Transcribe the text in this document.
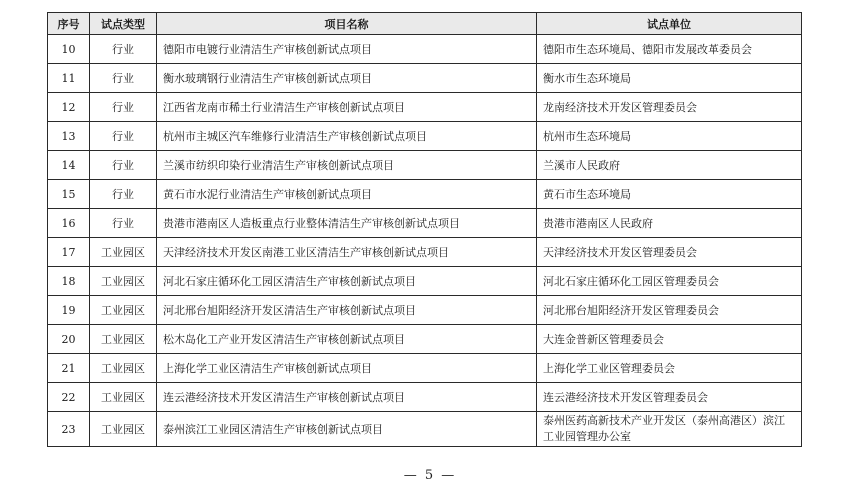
序号	试点类型	项目名称	试点单位
10	行业	德阳市电镀行业清洁生产审核创新试点项目	德阳市生态环境局、德阳市发展改革委员会
11	行业	衡水玻璃钢行业清洁生产审核创新试点项目	衡水市生态环境局
12	行业	江西省龙南市稀土行业清洁生产审核创新试点项目	龙南经济技术开发区管理委员会
13	行业	杭州市主城区汽车维修行业清洁生产审核创新试点项目	杭州市生态环境局
14	行业	兰溪市纺织印染行业清洁生产审核创新试点项目	兰溪市人民政府
15	行业	黄石市水泥行业清洁生产审核创新试点项目	黄石市生态环境局
16	行业	贵港市港南区人造板重点行业整体清洁生产审核创新试点项目	贵港市港南区人民政府
17	工业园区	天津经济技术开发区南港工业区清洁生产审核创新试点项目	天津经济技术开发区管理委员会
18	工业园区	河北石家庄循环化工园区清洁生产审核创新试点项目	河北石家庄循环化工园区管理委员会
19	工业园区	河北邢台旭阳经济开发区清洁生产审核创新试点项目	河北邢台旭阳经济开发区管理委员会
20	工业园区	松木岛化工产业开发区清洁生产审核创新试点项目	大连金普新区管理委员会
21	工业园区	上海化学工业区清洁生产审核创新试点项目	上海化学工业区管理委员会
22	工业园区	连云港经济技术开发区清洁生产审核创新试点项目	连云港经济技术开发区管理委员会
23	工业园区	泰州滨江工业园区清洁生产审核创新试点项目	泰州医药高新技术产业开发区（泰州高港区）滨江工业园管理办公室
— 5 —
